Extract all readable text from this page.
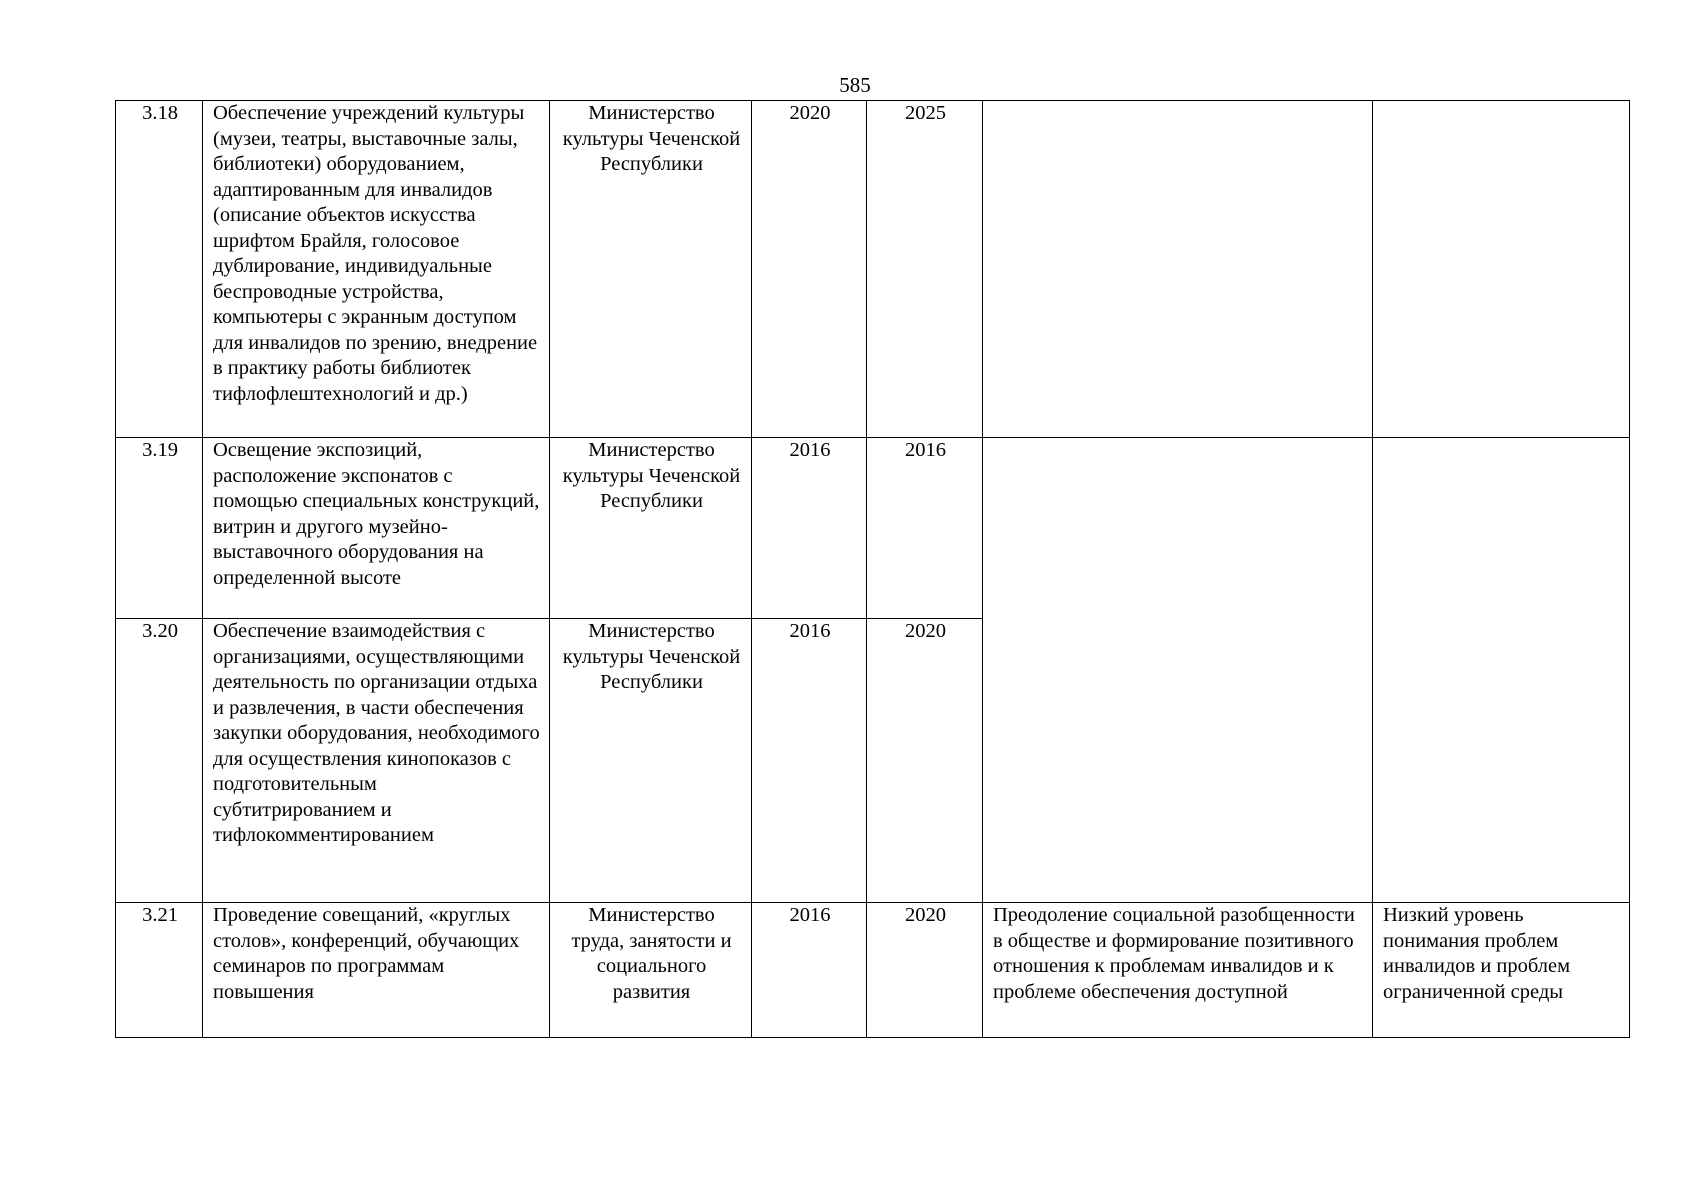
585
3.18	Обеспечение учреждений культуры (музеи, театры, выставочные залы, библиотеки) оборудованием, адаптированным для инвалидов (описание объектов искусства шрифтом Брайля, голосовое дублирование, индивидуальные беспроводные устройства, компьютеры с экранным доступом для инвалидов по зрению, внедрение в практику работы библиотек тифлофлештехнологий и др.)	Министерство культуры Чеченской Республики	2020	2025		
3.19	Освещение экспозиций, расположение экспонатов с помощью специальных конструкций, витрин и другого музейно-выставочного оборудования на определенной высоте	Министерство культуры Чеченской Республики	2016	2016		
3.20	Обеспечение взаимодействия с организациями, осуществляющими деятельность по организации отдыха и развлечения, в части обеспечения закупки оборудования, необходимого для осуществления кинопоказов с подготовительным субтитрированием и тифлокомментированием	Министерство культуры Чеченской Республики	2016	2020		
3.21	Проведение совещаний, «круглых столов», конференций, обучающих семинаров по программам повышения	Министерство труда, занятости и социального развития	2016	2020	Преодоление социальной разобщенности в обществе и формирование позитивного отношения к проблемам инвалидов и к проблеме обеспечения доступной	Низкий уровень понимания проблем инвалидов и проблем ограниченной среды
